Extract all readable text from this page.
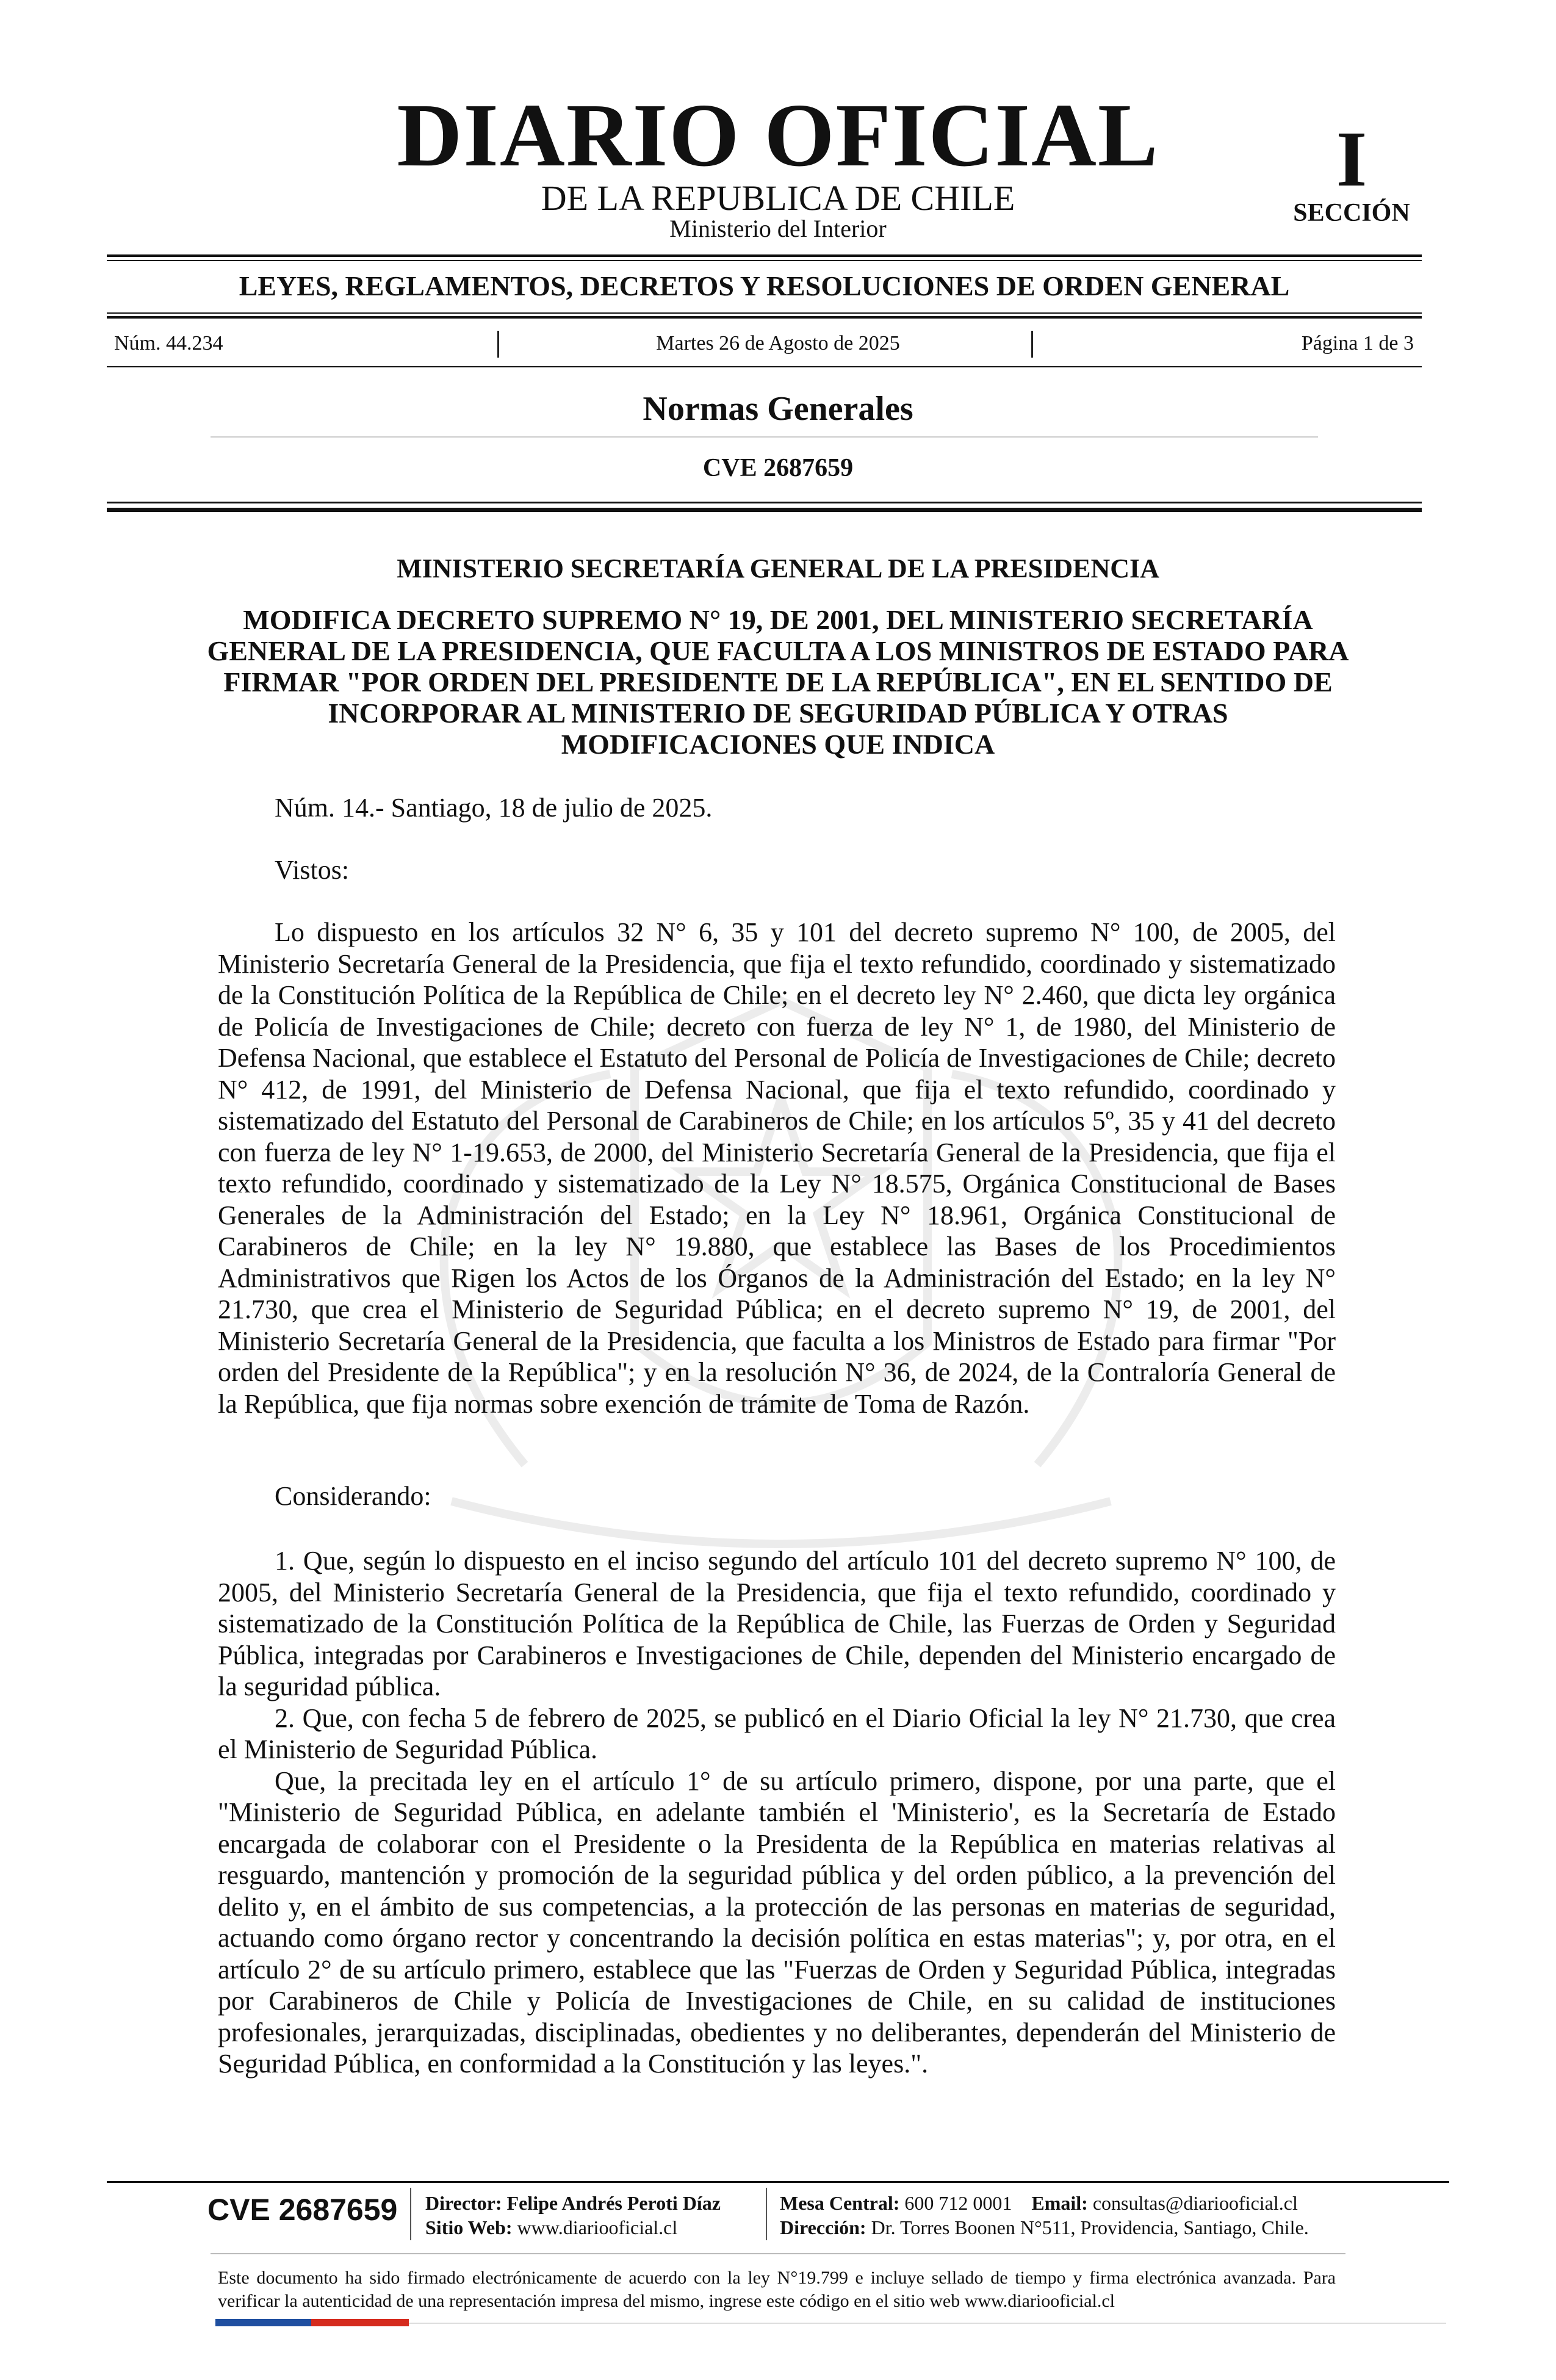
DIARIO OFICIAL
DE LA REPUBLICA DE CHILE
Ministerio del Interior
I
SECCIÓN
LEYES, REGLAMENTOS, DECRETOS Y RESOLUCIONES DE ORDEN GENERAL
Núm. 44.234	Martes 26 de Agosto de 2025	Página 1 de 3
Normas Generales
CVE 2687659
MINISTERIO SECRETARÍA GENERAL DE LA PRESIDENCIA
MODIFICA DECRETO SUPREMO N° 19, DE 2001, DEL MINISTERIO SECRETARÍA GENERAL DE LA PRESIDENCIA, QUE FACULTA A LOS MINISTROS DE ESTADO PARA FIRMAR "POR ORDEN DEL PRESIDENTE DE LA REPÚBLICA", EN EL SENTIDO DE INCORPORAR AL MINISTERIO DE SEGURIDAD PÚBLICA Y OTRAS MODIFICACIONES QUE INDICA
Núm. 14.- Santiago, 18 de julio de 2025.
Vistos:

Lo dispuesto en los artículos 32 N° 6, 35 y 101 del decreto supremo N° 100, de 2005, del Ministerio Secretaría General de la Presidencia, que fija el texto refundido, coordinado y sistematizado de la Constitución Política de la República de Chile; en el decreto ley N° 2.460, que dicta ley orgánica de Policía de Investigaciones de Chile; decreto con fuerza de ley N° 1, de 1980, del Ministerio de Defensa Nacional, que establece el Estatuto del Personal de Policía de Investigaciones de Chile; decreto N° 412, de 1991, del Ministerio de Defensa Nacional, que fija el texto refundido, coordinado y sistematizado del Estatuto del Personal de Carabineros de Chile; en los artículos 5º, 35 y 41 del decreto con fuerza de ley N° 1-19.653, de 2000, del Ministerio Secretaría General de la Presidencia, que fija el texto refundido, coordinado y sistematizado de la Ley N° 18.575, Orgánica Constitucional de Bases Generales de la Administración del Estado; en la Ley N° 18.961, Orgánica Constitucional de Carabineros de Chile; en la ley N° 19.880, que establece las Bases de los Procedimientos Administrativos que Rigen los Actos de los Órganos de la Administración del Estado; en la ley N° 21.730, que crea el Ministerio de Seguridad Pública; en el decreto supremo N° 19, de 2001, del Ministerio Secretaría General de la Presidencia, que faculta a los Ministros de Estado para firmar "Por orden del Presidente de la República"; y en la resolución N° 36, de 2024, de la Contraloría General de la República, que fija normas sobre exención de trámite de Toma de Razón.

Considerando:

1. Que, según lo dispuesto en el inciso segundo del artículo 101 del decreto supremo N° 100, de 2005, del Ministerio Secretaría General de la Presidencia, que fija el texto refundido, coordinado y sistematizado de la Constitución Política de la República de Chile, las Fuerzas de Orden y Seguridad Pública, integradas por Carabineros e Investigaciones de Chile, dependen del Ministerio encargado de la seguridad pública.

2. Que, con fecha 5 de febrero de 2025, se publicó en el Diario Oficial la ley N° 21.730, que crea el Ministerio de Seguridad Pública.

Que, la precitada ley en el artículo 1° de su artículo primero, dispone, por una parte, que el "Ministerio de Seguridad Pública, en adelante también el 'Ministerio', es la Secretaría de Estado encargada de colaborar con el Presidente o la Presidenta de la República en materias relativas al resguardo, mantención y promoción de la seguridad pública y del orden público, a la prevención del delito y, en el ámbito de sus competencias, a la protección de las personas en materias de seguridad, actuando como órgano rector y concentrando la decisión política en estas materias"; y, por otra, en el artículo 2° de su artículo primero, establece que las "Fuerzas de Orden y Seguridad Pública, integradas por Carabineros de Chile y Policía de Investigaciones de Chile, en su calidad de instituciones profesionales, jerarquizadas, disciplinadas, obedientes y no deliberantes, dependerán del Ministerio de Seguridad Pública, en conformidad a la Constitución y las leyes.".

CVE 2687659 Director: Felipe Andrés Peroti Díaz
Sitio Web: www.diariooficial.cl
Mesa Central: 600 712 0001 Email: consultas@diariooficial.cl
Dirección: Dr. Torres Boonen N°511, Providencia, Santiago, Chile.
Este documento ha sido firmado electrónicamente de acuerdo con la ley N°19.799 e incluye sellado de tiempo y firma electrónica avanzada. Para verificar la autenticidad de una representación impresa del mismo, ingrese este código en el sitio web www.diariooficial.cl
